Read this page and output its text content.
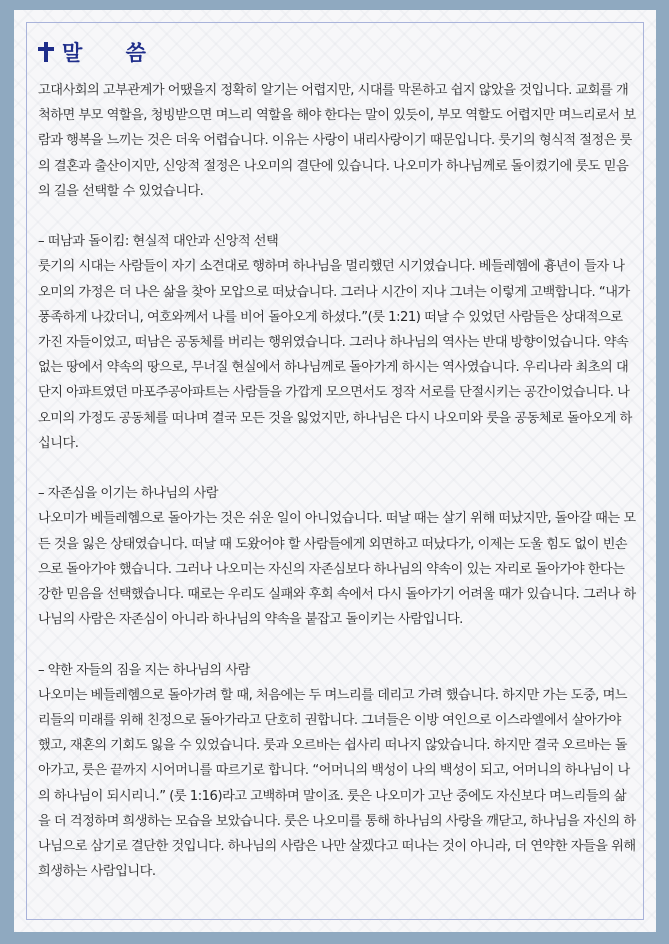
말 씀

고대사회의 고부관계가 어땠을지 정확히 알기는 어렵지만, 시대를 막론하고 쉽지 않았을 것입니다. 교회를 개척하면 부모 역할을, 청빙받으면 며느리 역할을 해야 한다는 말이 있듯이, 부모 역할도 어렵지만 며느리로서 보람과 행복을 느끼는 것은 더욱 어렵습니다. 이유는 사랑이 내리사랑이기 때문입니다. 룻기의 형식적 절정은 룻의 결혼과 출산이지만, 신앙적 절정은 나오미의 결단에 있습니다. 나오미가 하나님께로 돌이켰기에 룻도 믿음의 길을 선택할 수 있었습니다.

– 떠남과 돌이킴: 현실적 대안과 신앙적 선택

룻기의 시대는 사람들이 자기 소견대로 행하며 하나님을 멀리했던 시기였습니다. 베들레헴에 흉년이 들자 나오미의 가정은 더 나은 삶을 찾아 모압으로 떠났습니다. 그러나 시간이 지나 그녀는 이렇게 고백합니다. “내가 풍족하게 나갔더니, 여호와께서 나를 비어 돌아오게 하셨다.”(룻 1:21) 떠날 수 있었던 사람들은 상대적으로 가진 자들이었고, 떠남은 공동체를 버리는 행위였습니다. 그러나 하나님의 역사는 반대 방향이었습니다. 약속 없는 땅에서 약속의 땅으로, 무너질 현실에서 하나님께로 돌아가게 하시는 역사였습니다. 우리나라 최초의 대단지 아파트였던 마포주공아파트는 사람들을 가깝게 모으면서도 정작 서로를 단절시키는 공간이었습니다. 나오미의 가정도 공동체를 떠나며 결국 모든 것을 잃었지만, 하나님은 다시 나오미와 룻을 공동체로 돌아오게 하십니다.

– 자존심을 이기는 하나님의 사람

나오미가 베들레헴으로 돌아가는 것은 쉬운 일이 아니었습니다. 떠날 때는 살기 위해 떠났지만, 돌아갈 때는 모든 것을 잃은 상태였습니다. 떠날 때 도왔어야 할 사람들에게 외면하고 떠났다가, 이제는 도울 힘도 없이 빈손으로 돌아가야 했습니다. 그러나 나오미는 자신의 자존심보다 하나님의 약속이 있는 자리로 돌아가야 한다는 강한 믿음을 선택했습니다. 때로는 우리도 실패와 후회 속에서 다시 돌아가기 어려울 때가 있습니다. 그러나 하나님의 사람은 자존심이 아니라 하나님의 약속을 붙잡고 돌이키는 사람입니다.

– 약한 자들의 짐을 지는 하나님의 사람

나오미는 베들레헴으로 돌아가려 할 때, 처음에는 두 며느리를 데리고 가려 했습니다. 하지만 가는 도중, 며느리들의 미래를 위해 친정으로 돌아가라고 단호히 권합니다. 그녀들은 이방 여인으로 이스라엘에서 살아가야 했고, 재혼의 기회도 잃을 수 있었습니다. 룻과 오르바는 쉽사리 떠나지 않았습니다. 하지만 결국 오르바는 돌아가고, 룻은 끝까지 시어머니를 따르기로 합니다. “어머니의 백성이 나의 백성이 되고, 어머니의 하나님이 나의 하나님이 되시리니.” (룻 1:16)라고 고백하며 말이죠. 룻은 나오미가 고난 중에도 자신보다 며느리들의 삶을 더 걱정하며 희생하는 모습을 보았습니다. 룻은 나오미를 통해 하나님의 사랑을 깨닫고, 하나님을 자신의 하나님으로 삼기로 결단한 것입니다. 하나님의 사람은 나만 살겠다고 떠나는 것이 아니라, 더 연약한 자들을 위해 희생하는 사람입니다.
